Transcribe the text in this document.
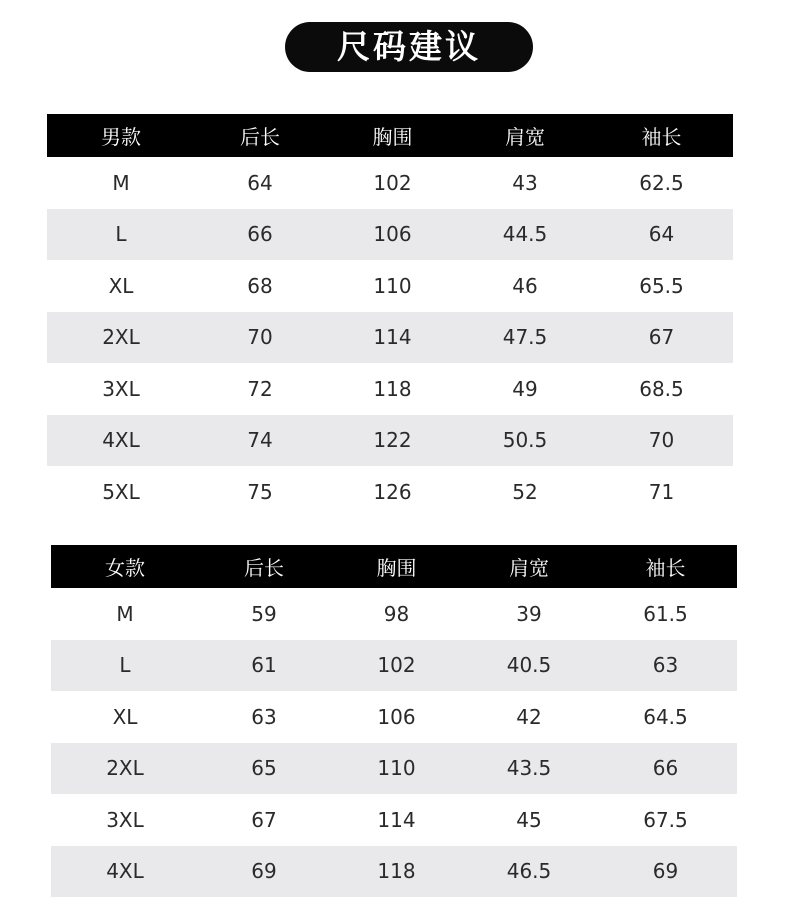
尺码建议
男款	后长	胸围	肩宽	袖长
M	64	102	43	62.5
L	66	106	44.5	64
XL	68	110	46	65.5
2XL	70	114	47.5	67
3XL	72	118	49	68.5
4XL	74	122	50.5	70
5XL	75	126	52	71
女款	后长	胸围	肩宽	袖长
M	59	98	39	61.5
L	61	102	40.5	63
XL	63	106	42	64.5
2XL	65	110	43.5	66
3XL	67	114	45	67.5
4XL	69	118	46.5	69
